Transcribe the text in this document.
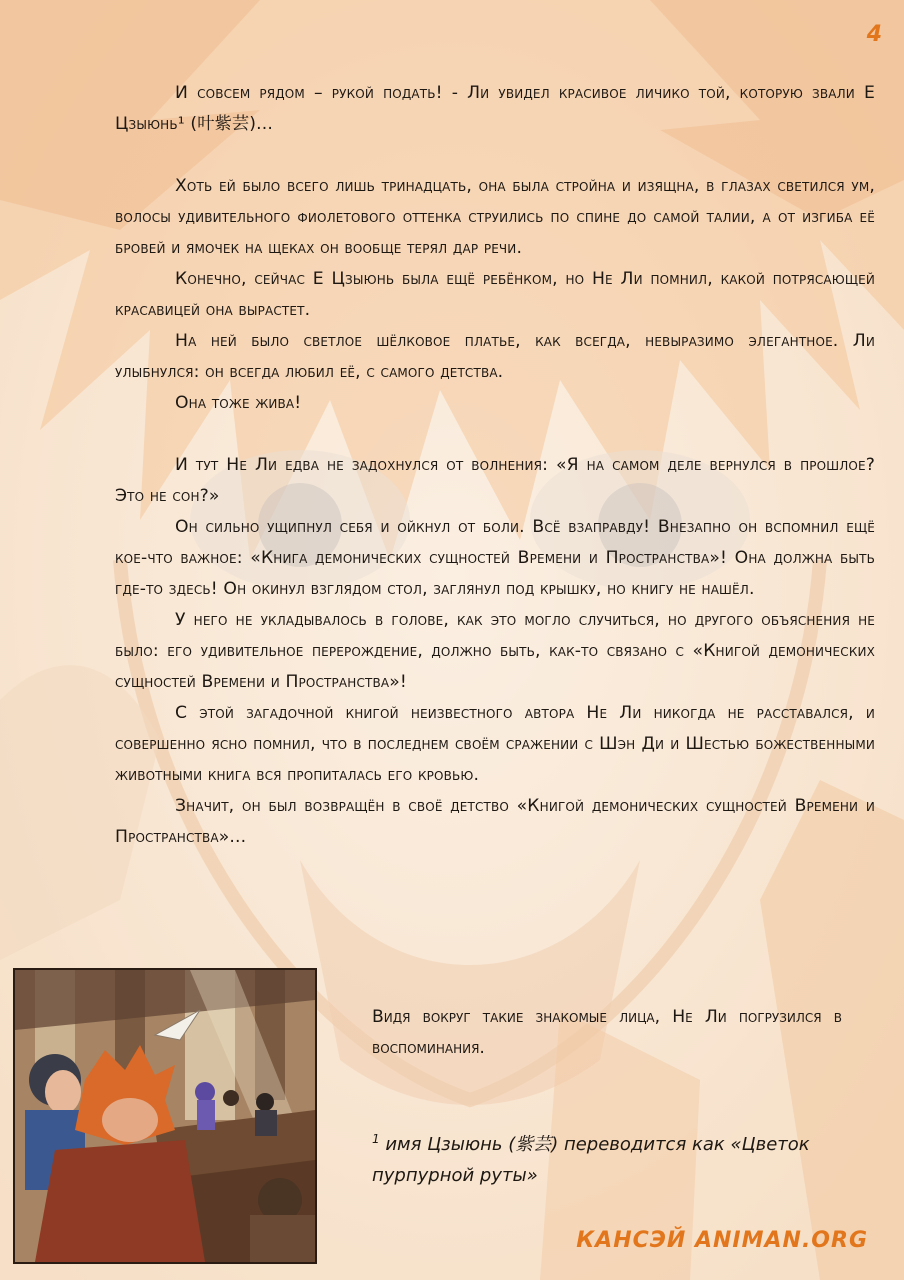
4

И совсем рядом – рукой подать! - Ли увидел красивое личико той, которую звали Е Цзыюнь¹ (叶紫芸)...

Хоть ей было всего лишь тринадцать, она была стройна и изящна, в глазах светился ум, волосы удивительного фиолетового оттенка струились по спине до самой талии, а от изгиба её бровей и ямочек на щеках он вообще терял дар речи.

Конечно, сейчас Е Цзыюнь была ещё ребёнком, но Не Ли помнил, какой потрясающей красавицей она вырастет.

На ней было светлое шёлковое платье, как всегда, невыразимо элегантное. Ли улыбнулся: он всегда любил её, с самого детства.

Она тоже жива!

И тут Не Ли едва не задохнулся от волнения: «Я на самом деле вернулся в прошлое? Это не сон?»

Он сильно ущипнул себя и ойкнул от боли. Всё взаправду! Внезапно он вспомнил ещё кое-что важное: «Книга демонических сущностей Времени и Пространства»! Она должна быть где-то здесь! Он окинул взглядом стол, заглянул под крышку, но книгу не нашёл.

У него не укладывалось в голове, как это могло случиться, но другого объяснения не было: его удивительное перерождение, должно быть, как-то связано с «Книгой демонических сущностей Времени и Пространства»!

С этой загадочной книгой неизвестного автора Не Ли никогда не расставался, и совершенно ясно помнил, что в последнем своём сражении с Шэн Ди и Шестью божественными животными книга вся пропиталась его кровью.

Значит, он был возвращён в своё детство «Книгой демонических сущностей Времени и Пространства»...

Видя вокруг такие знакомые лица, Не Ли погрузился в воспоминания.

$^1$ имя Цзыюнь (紫芸) переводится как «Цветок пурпурной руты»

КАНСЭЙ ANIMAN.ORG
